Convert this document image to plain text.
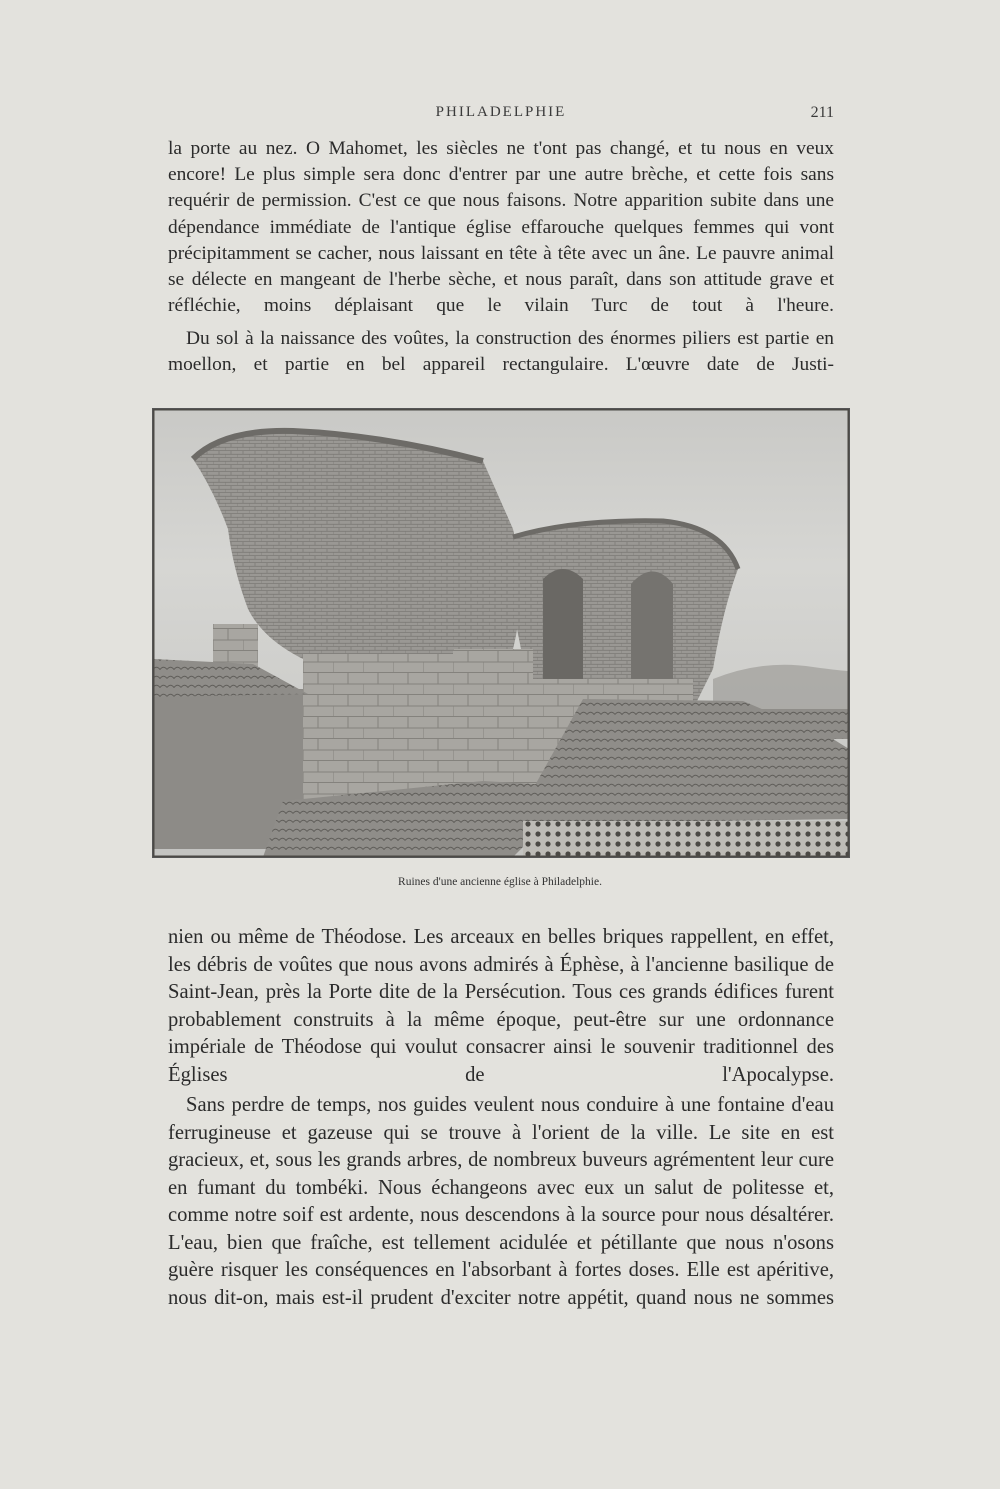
PHILADELPHIE	211

la porte au nez. O Mahomet, les siècles ne t'ont pas changé, et tu nous en veux encore! Le plus simple sera donc d'entrer par une autre brèche, et cette fois sans requérir de permission. C'est ce que nous faisons. Notre apparition subite dans une dépendance immédiate de l'antique église effarouche quelques femmes qui vont précipitamment se cacher, nous laissant en tête à tête avec un âne. Le pauvre animal se délecte en mangeant de l'herbe sèche, et nous paraît, dans son attitude grave et réfléchie, moins déplaisant que le vilain Turc de tout à l'heure.

Du sol à la naissance des voûtes, la construction des énormes piliers est partie en moellon, et partie en bel appareil rectangulaire. L'œuvre date de Justi-

Ruines d'une ancienne église à Philadelphie.

nien ou même de Théodose. Les arceaux en belles briques rappellent, en effet, les débris de voûtes que nous avons admirés à Éphèse, à l'ancienne basilique de Saint-Jean, près la Porte dite de la Persécution. Tous ces grands édifices furent probablement construits à la même époque, peut-être sur une ordonnance impériale de Théodose qui voulut consacrer ainsi le souvenir traditionnel des Églises de l'Apocalypse.

Sans perdre de temps, nos guides veulent nous conduire à une fontaine d'eau ferrugineuse et gazeuse qui se trouve à l'orient de la ville. Le site en est gracieux, et, sous les grands arbres, de nombreux buveurs agrémentent leur cure en fumant du tombéki. Nous échangeons avec eux un salut de politesse et, comme notre soif est ardente, nous descendons à la source pour nous désaltérer. L'eau, bien que fraîche, est tellement acidulée et pétillante que nous n'osons guère risquer les conséquences en l'absorbant à fortes doses. Elle est apéritive, nous dit-on, mais est-il prudent d'exciter notre appétit, quand nous ne sommes
